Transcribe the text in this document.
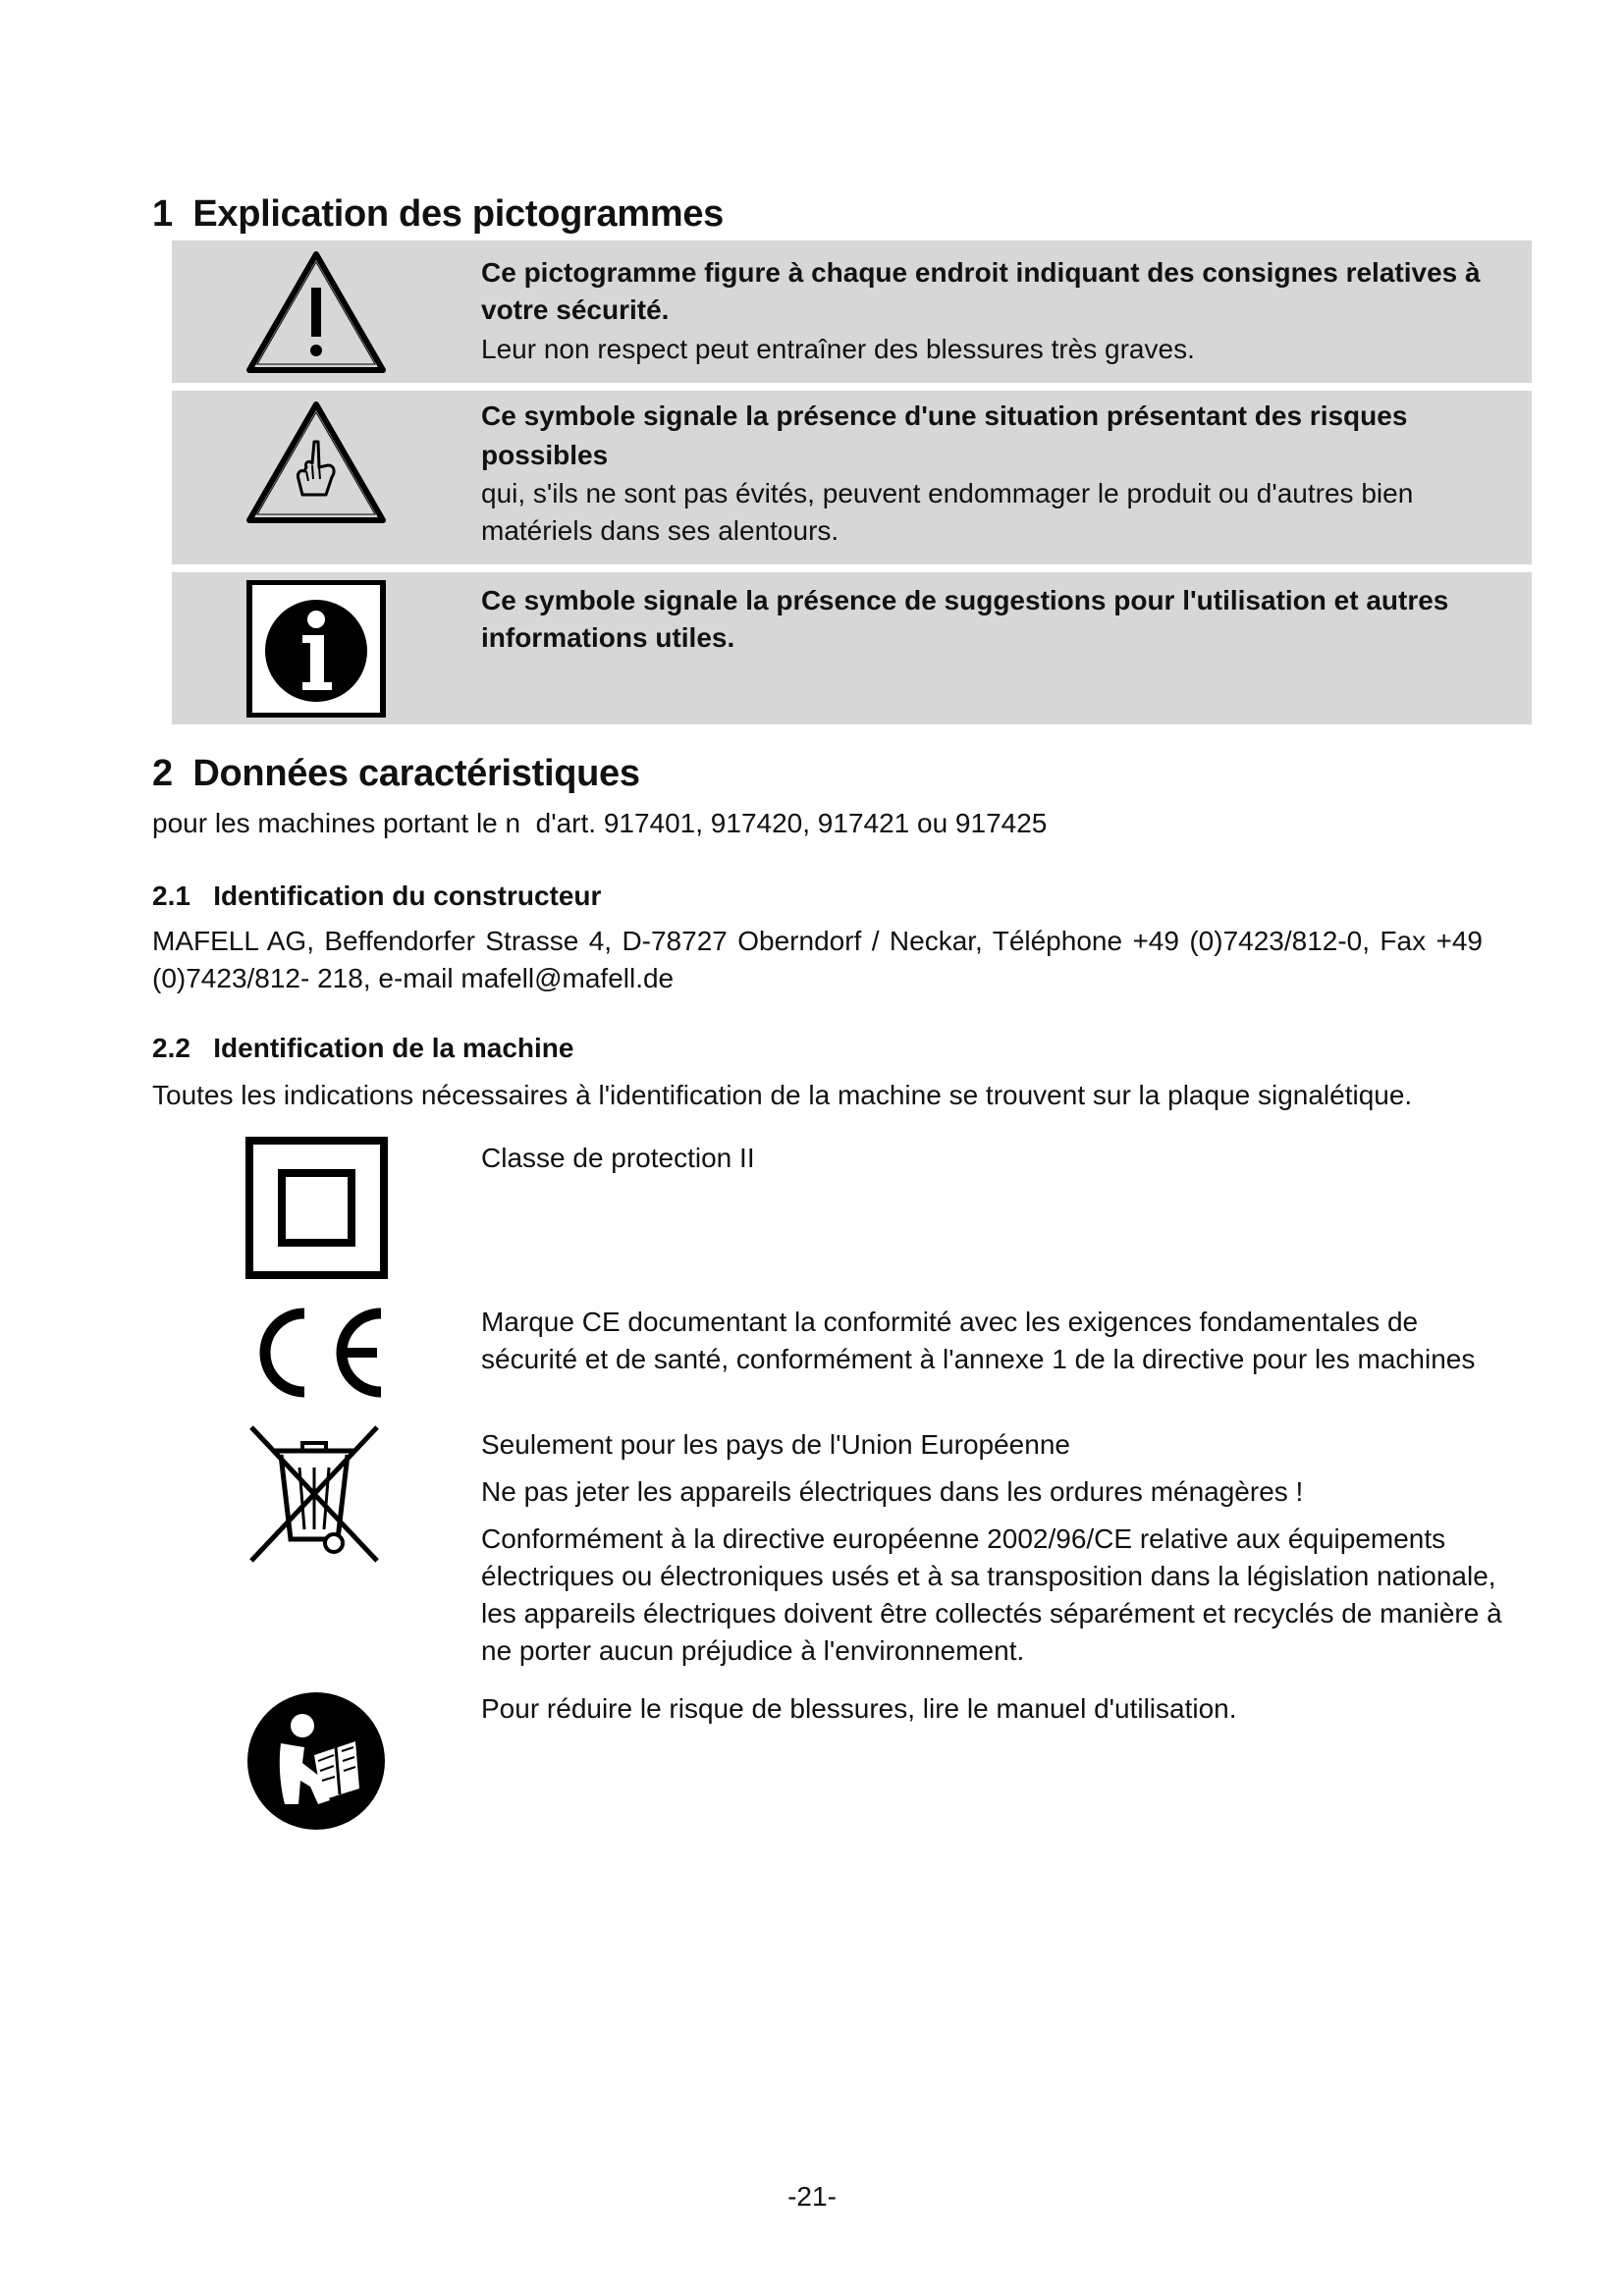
1 Explication des pictogrammes
Ce pictogramme figure à chaque endroit indiquant des consignes relatives à votre sécurité.
Leur non respect peut entraîner des blessures très graves.
Ce symbole signale la présence d'une situation présentant des risques possibles
qui, s'ils ne sont pas évités, peuvent endommager le produit ou d'autres bien matériels dans ses alentours.
Ce symbole signale la présence de suggestions pour l'utilisation et autres informations utiles.
2 Données caractéristiques

pour les machines portant le n  d'art. 917401, 917420, 917421 ou 917425

2.1 Identification du constructeur

MAFELL AG, Beffendorfer Strasse 4, D-78727 Oberndorf / Neckar, Téléphone +49 (0)7423/812-0, Fax +49 (0)7423/812- 218, e-mail mafell@mafell.de

2.2 Identification de la machine

Toutes les indications nécessaires à l'identification de la machine se trouvent sur la plaque signalétique.

Classe de protection II
Marque CE documentant la conformité avec les exigences fondamentales de sécurité et de santé, conformément à l'annexe 1 de la directive pour les machines
Seulement pour les pays de l'Union Européenne
Ne pas jeter les appareils électriques dans les ordures ménagères !
Conformément à la directive européenne 2002/96/CE relative aux équipements électriques ou électroniques usés et à sa transposition dans la législation nationale, les appareils électriques doivent être collectés séparément et recyclés de manière à ne porter aucun préjudice à l'environnement.
Pour réduire le risque de blessures, lire le manuel d'utilisation.
-21-
